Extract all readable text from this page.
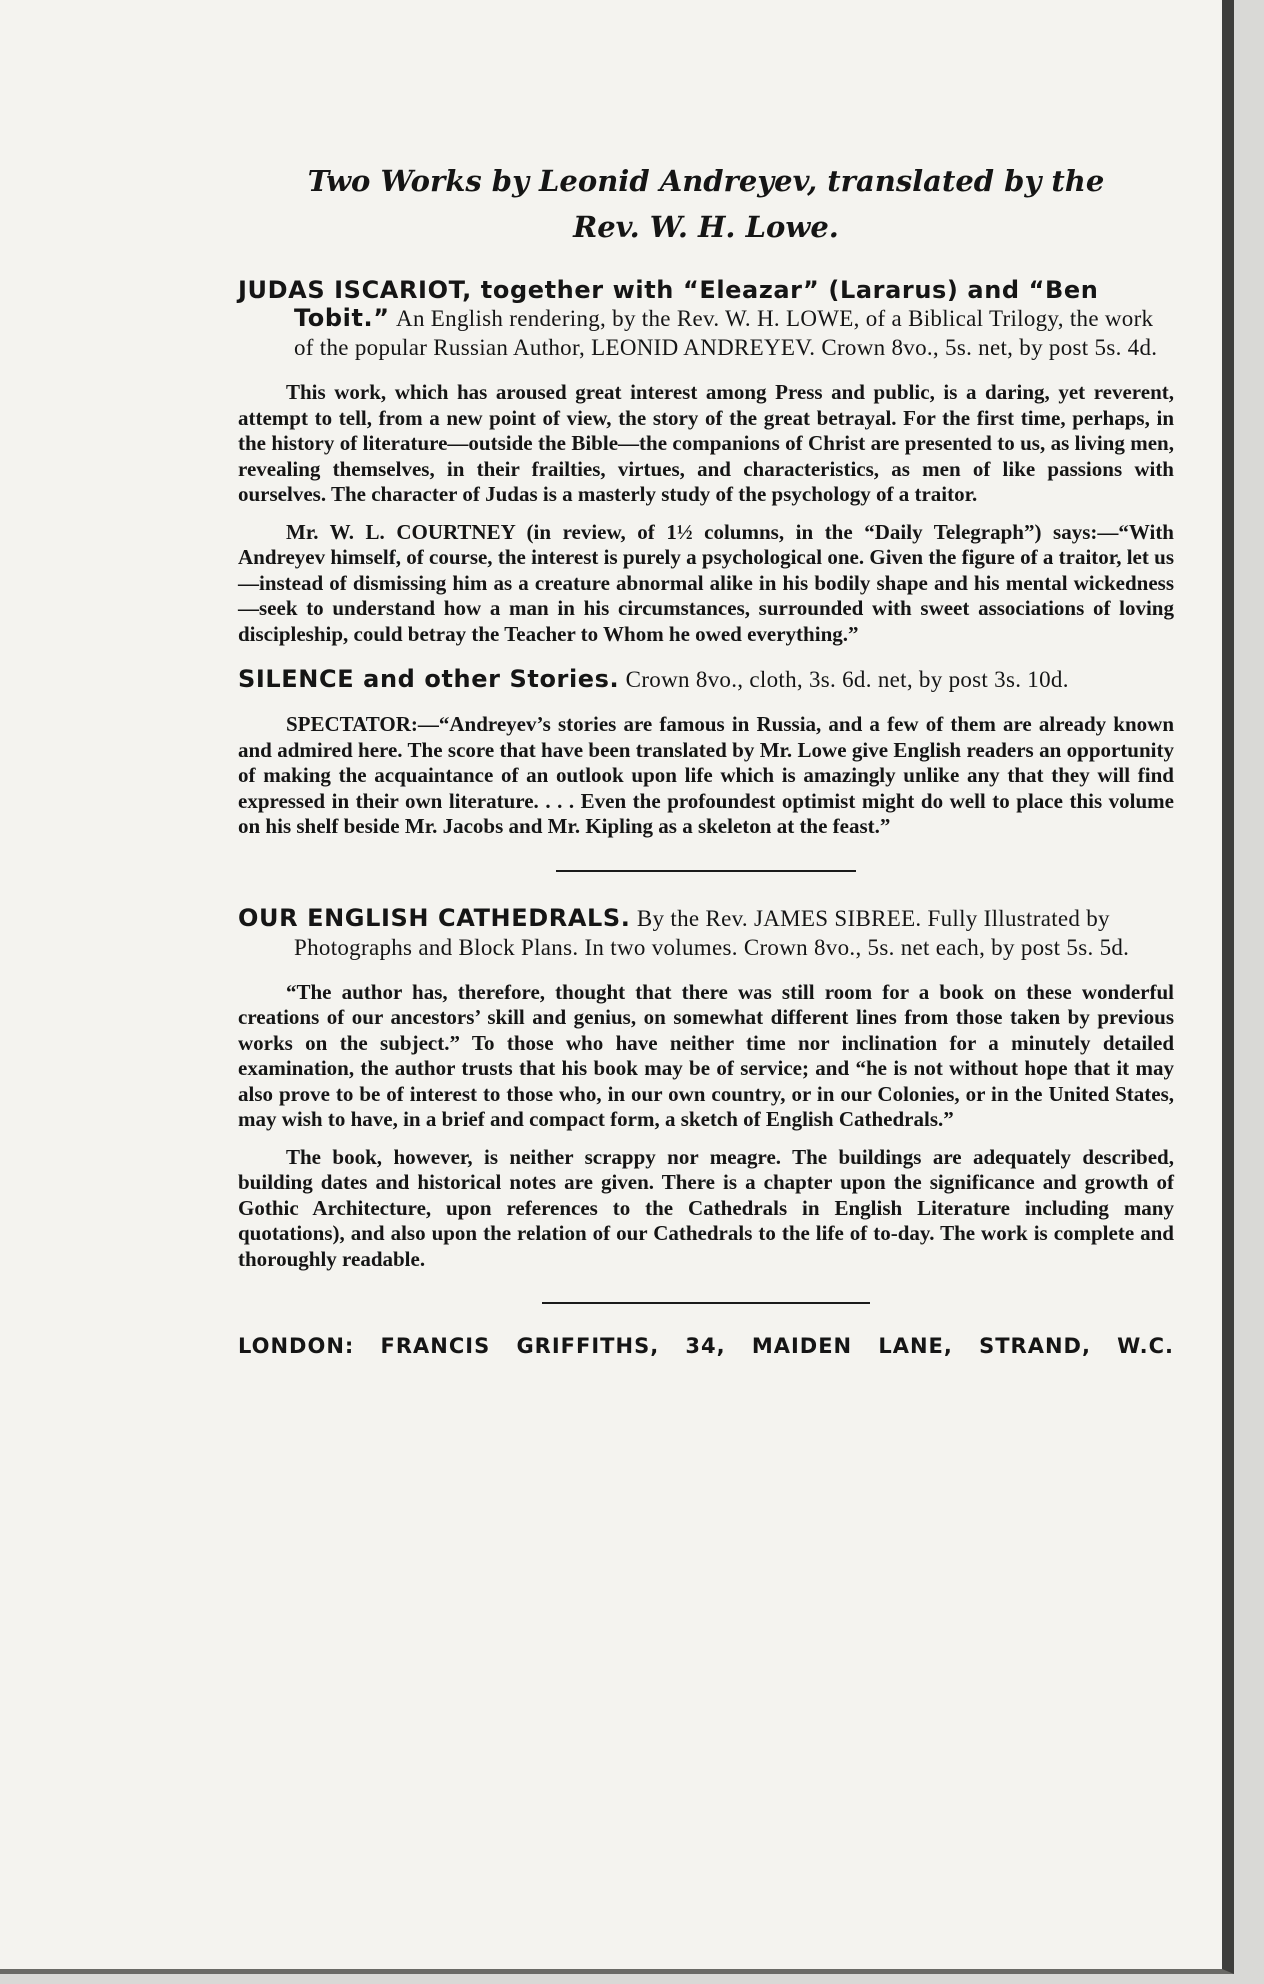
Two Works by Leonid Andreyev, translated by the
Rev. W. H. Lowe.

JUDAS ISCARIOT, together with “Eleazar” (Lararus) and “Ben Tobit.” An English rendering, by the Rev. W. H. LOWE, of a Biblical Trilogy, the work of the popular Russian Author, LEONID ANDREYEV. Crown 8vo., 5s. net, by post 5s. 4d.

This work, which has aroused great interest among Press and public, is a daring, yet reverent, attempt to tell, from a new point of view, the story of the great betrayal. For the first time, perhaps, in the history of literature—outside the Bible—the companions of Christ are presented to us, as living men, revealing themselves, in their frailties, virtues, and characteristics, as men of like passions with ourselves. The character of Judas is a masterly study of the psychology of a traitor.

Mr. W. L. COURTNEY (in review, of 1½ columns, in the “Daily Telegraph”) says:—“With Andreyev himself, of course, the interest is purely a psychological one. Given the figure of a traitor, let us—instead of dismissing him as a creature abnormal alike in his bodily shape and his mental wickedness—seek to understand how a man in his circumstances, surrounded with sweet associations of loving discipleship, could betray the Teacher to Whom he owed everything.”

SILENCE and other Stories. Crown 8vo., cloth, 3s. 6d. net, by post 3s. 10d.

SPECTATOR:—“Andreyev’s stories are famous in Russia, and a few of them are already known and admired here. The score that have been translated by Mr. Lowe give English readers an opportunity of making the acquaintance of an outlook upon life which is amazingly unlike any that they will find expressed in their own literature. . . . Even the profoundest optimist might do well to place this volume on his shelf beside Mr. Jacobs and Mr. Kipling as a skeleton at the feast.”

OUR ENGLISH CATHEDRALS. By the Rev. JAMES SIBREE. Fully Illustrated by Photographs and Block Plans. In two volumes. Crown 8vo., 5s. net each, by post 5s. 5d.

“The author has, therefore, thought that there was still room for a book on these wonderful creations of our ancestors’ skill and genius, on somewhat different lines from those taken by previous works on the subject.” To those who have neither time nor inclination for a minutely detailed examination, the author trusts that his book may be of service; and “he is not without hope that it may also prove to be of interest to those who, in our own country, or in our Colonies, or in the United States, may wish to have, in a brief and compact form, a sketch of English Cathedrals.”

The book, however, is neither scrappy nor meagre. The buildings are adequately described, building dates and historical notes are given. There is a chapter upon the significance and growth of Gothic Architecture, upon references to the Cathedrals in English Literature including many quotations), and also upon the relation of our Cathedrals to the life of to-day. The work is complete and thoroughly readable.

LONDON: FRANCIS GRIFFITHS, 34, MAIDEN LANE, STRAND, W.C.
